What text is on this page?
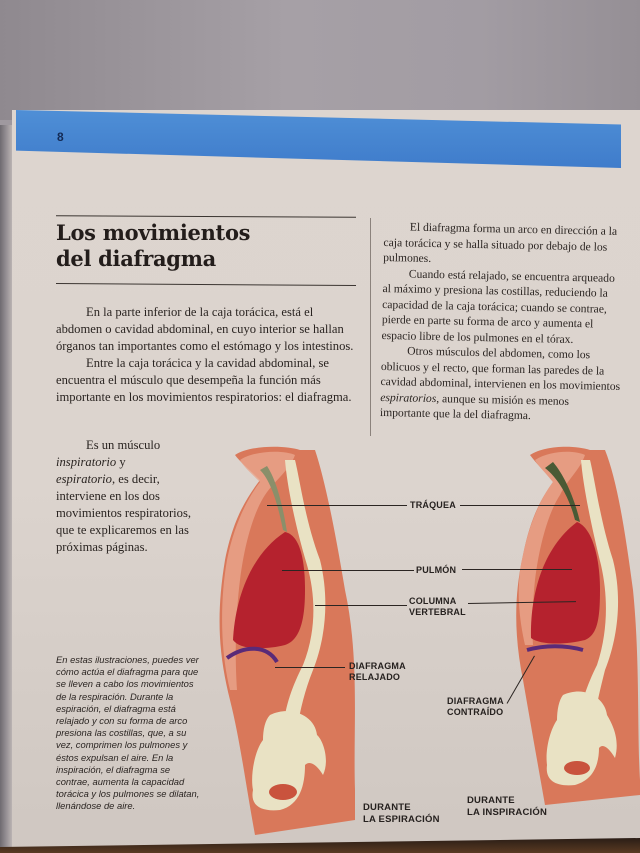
8
Los movimientos
del diafragma

En la parte inferior de la caja torácica, está el abdomen o cavidad abdominal, en cuyo interior se hallan órganos tan importantes como el estómago y los intestinos.

Entre la caja torácica y la cavidad abdominal, se encuentra el músculo que desempeña la función más importante en los movimientos respiratorios: el diafragma.

Es un músculo
inspiratorio y
espiratorio, es decir, interviene en los dos movimientos respiratorios, que te explicaremos en las próximas páginas.

El diafragma forma un arco en dirección a la caja torácica y se halla situado por debajo de los pulmones.

Cuando está relajado, se encuentra arqueado al máximo y presiona las costillas, reduciendo la capacidad de la caja torácica; cuando se contrae, pierde en parte su forma de arco y aumenta el espacio libre de los pulmones en el tórax.

Otros músculos del abdomen, como los oblicuos y el recto, que forman las paredes de la cavidad abdominal, intervienen en los movimientos espiratorios, aunque su misión es menos importante que la del diafragma.

TRÁQUEA
PULMÓN
COLUMNA
VERTEBRAL
DIAFRAGMA
RELAJADO
DIAFRAGMA
CONTRAÍDO
DURANTE
LA ESPIRACIÓN
DURANTE
LA INSPIRACIÓN
En estas ilustraciones, puedes ver cómo actúa el diafragma para que se lleven a cabo los movimientos de la respiración. Durante la espiración, el diafragma está relajado y con su forma de arco presiona las costillas, que, a su vez, comprimen los pulmones y éstos expulsan el aire. En la inspiración, el diafragma se contrae, aumenta la capacidad torácica y los pulmones se dilatan, llenándose de aire.
